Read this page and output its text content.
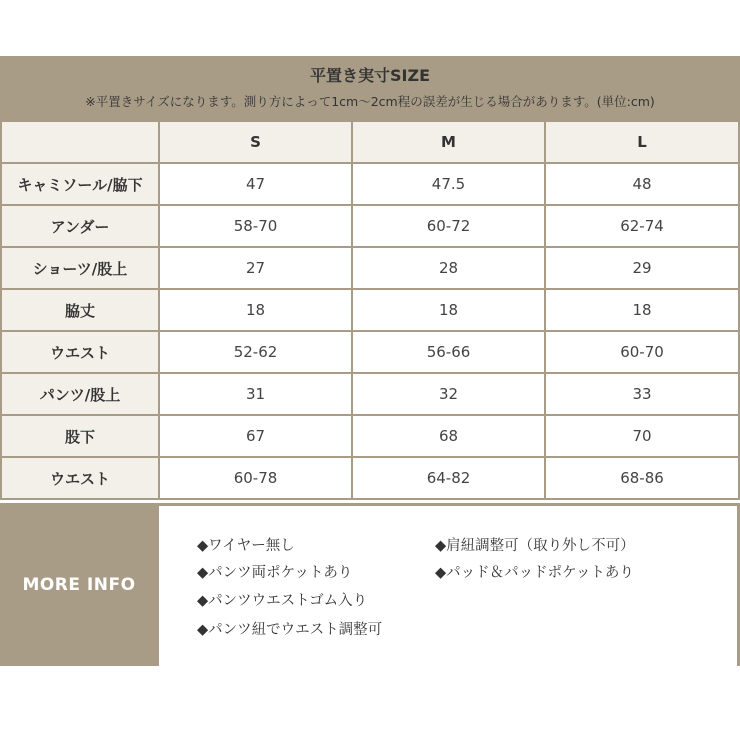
平置き実寸SIZE
※平置きサイズになります。測り方によって1cm〜2cm程の誤差が生じる場合があります。(単位:cm)
	S	M	L
キャミソール/脇下	47	47.5	48
アンダー	58-70	60-72	62-74
ショーツ/股上	27	28	29
脇丈	18	18	18
ウエスト	52-62	56-66	60-70
パンツ/股上	31	32	33
股下	67	68	70
ウエスト	60-78	64-82	68-86
MORE INFO
◆ワイヤー無し	◆肩紐調整可（取り外し不可）
◆パンツ両ポケットあり	◆パッド＆パッドポケットあり
◆パンツウエストゴム入り
◆パンツ紐でウエスト調整可
